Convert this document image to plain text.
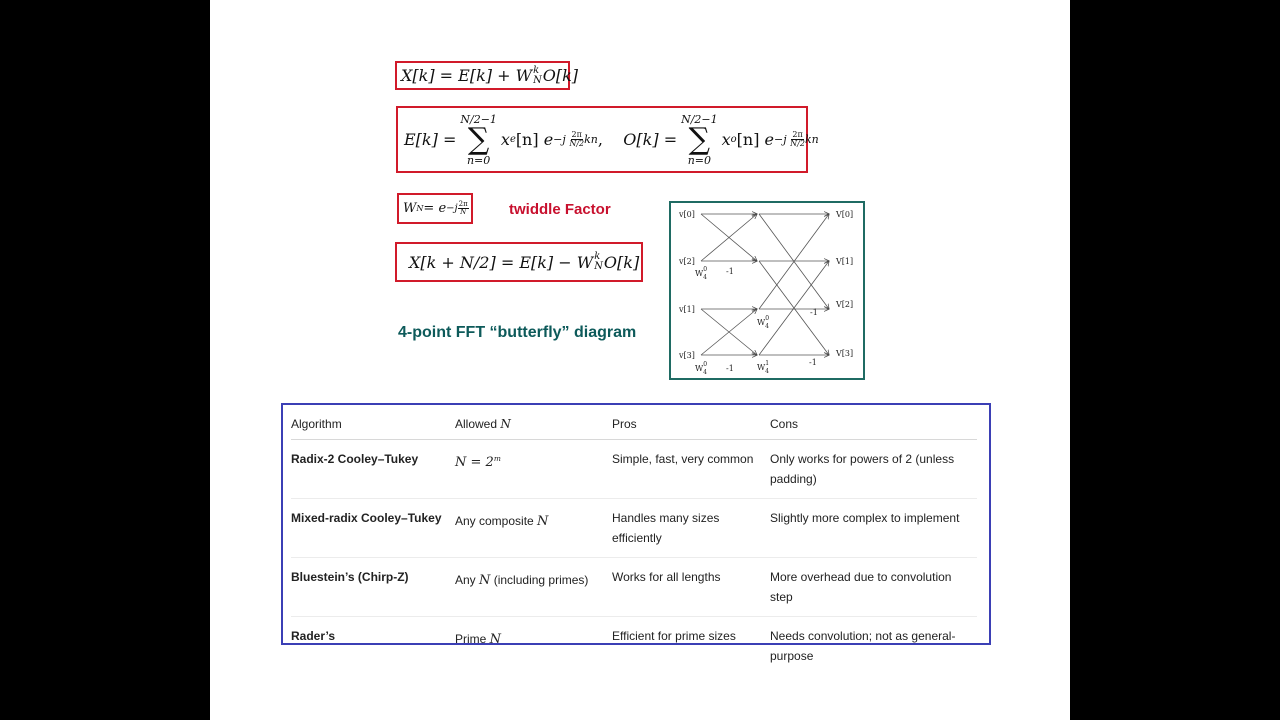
X[k]
=
E[k]
+
W k
N O[k]
E[k]
=
N/2−1
∑
n=0
x e [n]
e −j
$\frac{2\pi}{N/2}$ kn ,
O[k]
=
N/2−1
∑
n=0
x o [n]
e −j
$\frac{2\pi}{N/2}$ kn
W N =
$e -j \frac{2\pi}{N}$	twiddle Factor
X[k + N/2]
=
E[k]
−
W k
N O[k]
4-point FFT “butterfly” diagram
v[0]
v[2]
v[1]
v[3]
V[0]
V[1]
V[2]
V[3]
$W^0$ 4
-1
$W^0$ 4
$W^0$ 4 -1	$W^1$ 4
-1
-1
Algorithm	Allowed N	Pros	Cons
Radix-2 Cooley–Tukey	$N = 2^m$	Simple, fast, very common	Only works for powers of 2 (unless padding)
Mixed-radix Cooley–Tukey	Any composite N	Handles many sizes efficiently	Slightly more complex to implement
Bluestein’s (Chirp-Z)	Any N (including primes)	Works for all lengths	More overhead due to convolution step
Rader’s	Prime N	Efficient for prime sizes	Needs convolution; not as general-purpose
